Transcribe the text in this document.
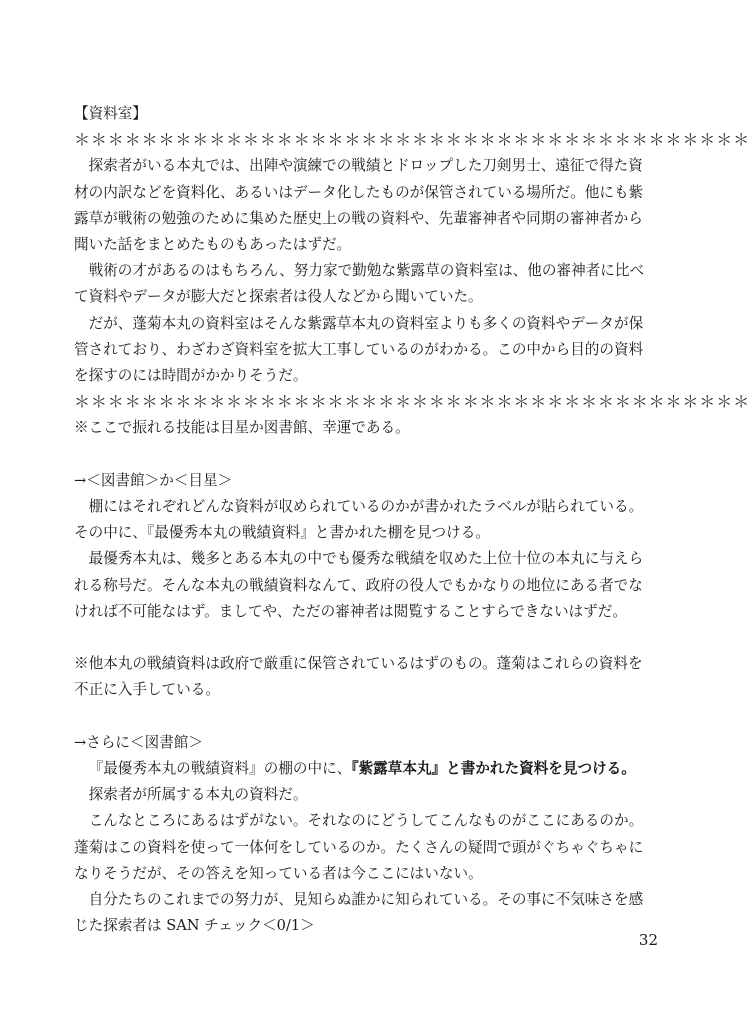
【資料室】

＊＊＊＊＊＊＊＊＊＊＊＊＊＊＊＊＊＊＊＊＊＊＊＊＊＊＊＊＊＊＊＊＊＊＊＊＊＊＊＊

探索者がいる本丸では、出陣や演練での戦績とドロップした刀剣男士、遠征で得た資材の内訳などを資料化、あるいはデータ化したものが保管されている場所だ。他にも紫露草が戦術の勉強のために集めた歴史上の戦の資料や、先輩審神者や同期の審神者から聞いた話をまとめたものもあったはずだ。

戦術の才があるのはもちろん、努力家で勤勉な紫露草の資料室は、他の審神者に比べて資料やデータが膨大だと探索者は役人などから聞いていた。

だが、蓬菊本丸の資料室はそんな紫露草本丸の資料室よりも多くの資料やデータが保管されており、わざわざ資料室を拡大工事しているのがわかる。この中から目的の資料を探すのには時間がかかりそうだ。

＊＊＊＊＊＊＊＊＊＊＊＊＊＊＊＊＊＊＊＊＊＊＊＊＊＊＊＊＊＊＊＊＊＊＊＊＊＊＊＊

※ここで振れる技能は目星か図書館、幸運である。

→＜図書館＞か＜目星＞

棚にはそれぞれどんな資料が収められているのかが書かれたラベルが貼られている。その中に、『最優秀本丸の戦績資料』と書かれた棚を見つける。

最優秀本丸は、幾多とある本丸の中でも優秀な戦績を収めた上位十位の本丸に与えられる称号だ。そんな本丸の戦績資料なんて、政府の役人でもかなりの地位にある者でなければ不可能なはず。ましてや、ただの審神者は閲覧することすらできないはずだ。

※他本丸の戦績資料は政府で厳重に保管されているはずのもの。蓬菊はこれらの資料を不正に入手している。

→さらに＜図書館＞

『最優秀本丸の戦績資料』の棚の中に、『紫露草本丸』と書かれた資料を見つける。

探索者が所属する本丸の資料だ。

こんなところにあるはずがない。それなのにどうしてこんなものがここにあるのか。蓬菊はこの資料を使って一体何をしているのか。たくさんの疑問で頭がぐちゃぐちゃになりそうだが、その答えを知っている者は今ここにはいない。

自分たちのこれまでの努力が、見知らぬ誰かに知られている。その事に不気味さを感じた探索者は SAN チェック＜0/1＞

32
